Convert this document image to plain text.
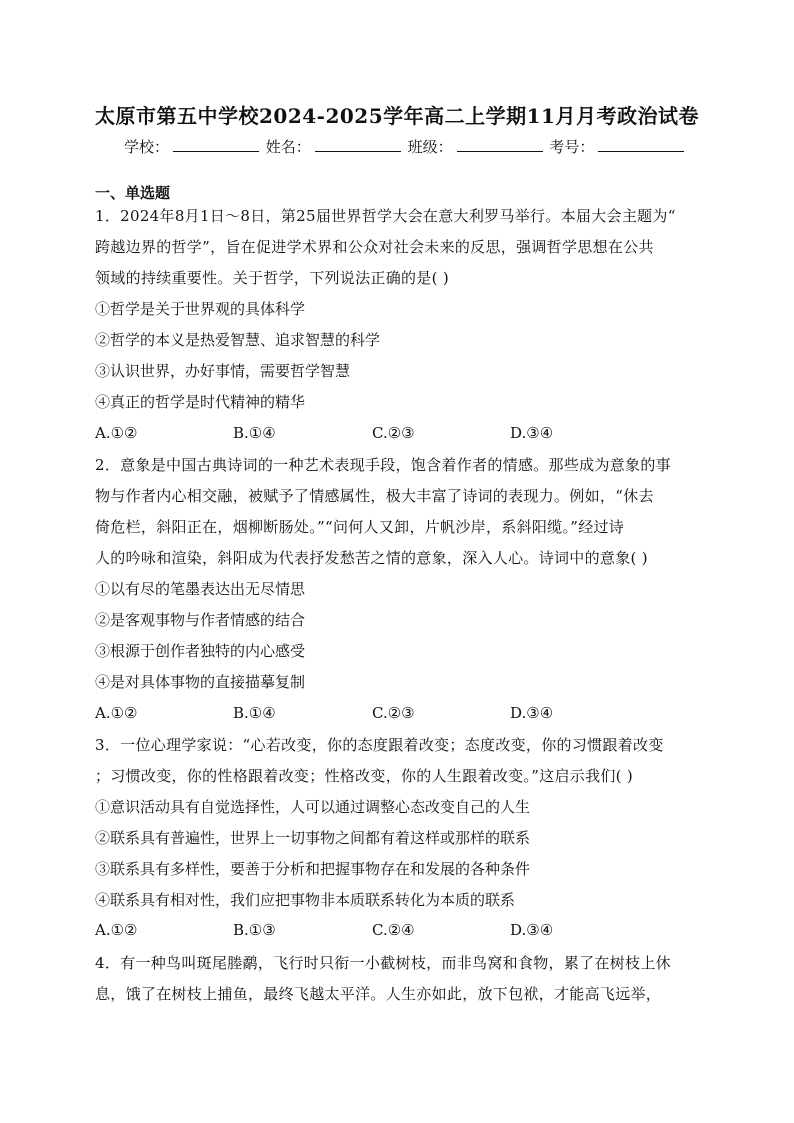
太原市第五中学校2024-2025学年高二上学期11月月考政治试卷
学校：	姓名：	班级：	考号：
一、单选题
1．2024年8月1日～8日，第25届世界哲学大会在意大利罗马举行。本届大会主题为“
跨越边界的哲学”，旨在促进学术界和公众对社会未来的反思，强调哲学思想在公共
领域的持续重要性。关于哲学，下列说法正确的是( )
①哲学是关于世界观的具体科学
②哲学的本义是热爱智慧、追求智慧的科学
③认识世界，办好事情，需要哲学智慧
④真正的哲学是时代精神的精华
A.①②	B.①④	C.②③	D.③④
2．意象是中国古典诗词的一种艺术表现手段，饱含着作者的情感。那些成为意象的事
物与作者内心相交融，被赋予了情感属性，极大丰富了诗词的表现力。例如，“休去
倚危栏，斜阳正在，烟柳断肠处。”“问何人又卸，片帆沙岸，系斜阳缆。”经过诗
人的吟咏和渲染，斜阳成为代表抒发愁苦之情的意象，深入人心。诗词中的意象( )
①以有尽的笔墨表达出无尽情思
②是客观事物与作者情感的结合
③根源于创作者独特的内心感受
④是对具体事物的直接描摹复制
A.①②	B.①④	C.②③	D.③④
3．一位心理学家说：“心若改变，你的态度跟着改变；态度改变，你的习惯跟着改变
；习惯改变，你的性格跟着改变；性格改变，你的人生跟着改变。”这启示我们( )
①意识活动具有自觉选择性，人可以通过调整心态改变自己的人生
②联系具有普遍性，世界上一切事物之间都有着这样或那样的联系
③联系具有多样性，要善于分析和把握事物存在和发展的各种条件
④联系具有相对性，我们应把事物非本质联系转化为本质的联系
A.①②	B.①③	C.②④	D.③④
4．有一种鸟叫斑尾塍鹬，飞行时只衔一小截树枝，而非鸟窝和食物，累了在树枝上休
息，饿了在树枝上捕鱼，最终飞越太平洋。人生亦如此，放下包袱，才能高飞远举，
